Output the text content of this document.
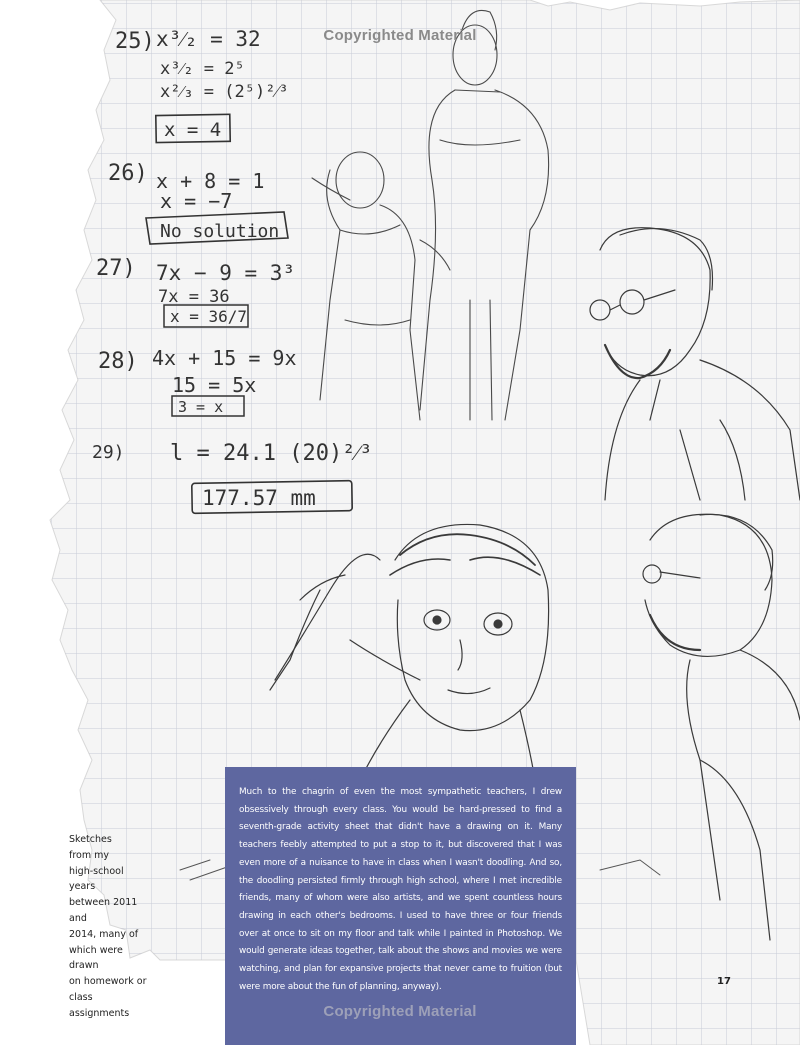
25) x³⁄₂ = 32
x³⁄₂ = 2⁵
x²⁄₃ = (2⁵)²⁄³
x = 4
26) x + 8 = 1
x = −7
No solution
27) 7x − 9 = 3³
7x = 36
x = 36/7
28) 4x + 15 = 9x
15 = 5x
3 = x
29) l = 24.1 (20)²⁄³
177.57 mm
Copyrighted Material
Sketches
from my
high-school years
between 2011 and
2014, many of
which were drawn
on homework or
class assignments

Much to the chagrin of even the most sympathetic teachers, I drew obsessively through every class. You would be hard-pressed to find a seventh-grade activity sheet that didn't have a drawing on it. Many teachers feebly attempted to put a stop to it, but discovered that I was even more of a nuisance to have in class when I wasn't doodling. And so, the doodling persisted firmly through high school, where I met incredible friends, many of whom were also artists, and we spent countless hours drawing in each other's bedrooms. I used to have three or four friends over at once to sit on my floor and talk while I painted in Photoshop. We would generate ideas together, talk about the shows and movies we were watching, and plan for expansive projects that never came to fruition (but were more about the fun of planning, anyway).

Copyrighted Material
17
